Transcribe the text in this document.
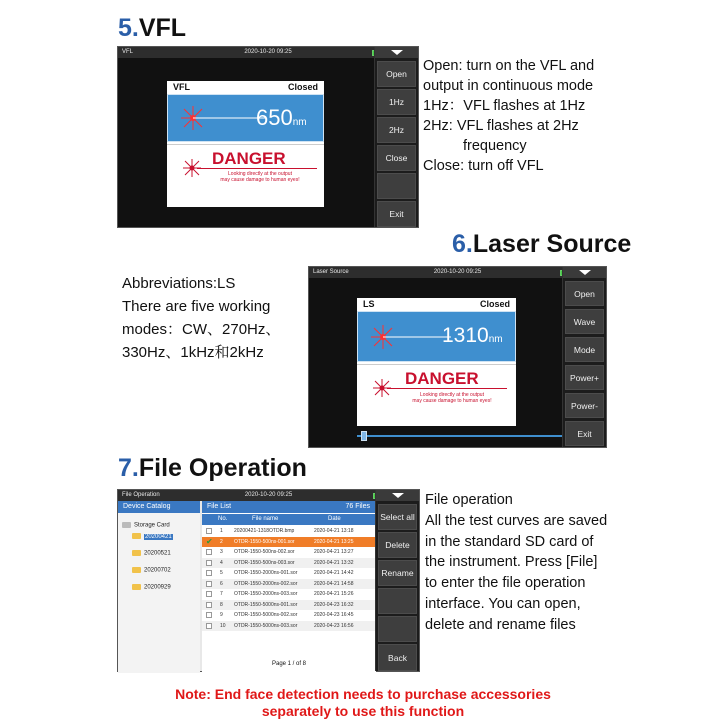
5.VFL
VFL	2020-10-20 09:25
VFL	Closed
650nm
DANGER
Looking directly at the output
may cause damage to human eyes!
Open
1Hz
2Hz
Close
Exit
Open: turn on the VFL and
output in continuous mode
1Hz：VFL flashes at 1Hz
2Hz: VFL flashes at 2Hz
frequency
Close: turn off VFL
6.Laser Source
Abbreviations:LS
There are five working
modes：CW、270Hz、
330Hz、1kHz和2kHz
Laser Source	2020-10-20 09:25
LS	Closed
1310nm
DANGER
Looking directly at the output
may cause damage to human eyes!
Open
Wave
Mode
Power+
Power-
Exit
7.File Operation
File Operation	2020-10-20 09:25
Device Catalog
Storage Card
20200421
20200521
20200702
20200929
File List	76 Files
No.	File name	Date
1 20200421-1318OTDR.bmp	2020-04-21 13:18
✔ 2 OTDR-1550-500ns-001.sor	2020-04-21 13:25
3 OTDR-1550-500ns-002.sor	2020-04-21 13:27
4 OTDR-1550-500ns-003.sor	2020-04-21 13:32
5 OTDR-1550-2000ns-001.sor	2020-04-21 14:42
6 OTDR-1550-2000ns-002.sor	2020-04-21 14:58
7 OTDR-1550-2000ns-003.sor	2020-04-21 15:26
8 OTDR-1550-5000ns-001.sor	2020-04-23 16:32
9 OTDR-1550-5000ns-002.sor	2020-04-23 16:45
10 OTDR-1550-5000ns-003.sor	2020-04-23 16:56
Page 1 / of 8
Select all
Delete
Rename
Back
File operation
All the test curves are saved
in the standard SD card of
the instrument. Press [File]
to enter the file operation
interface. You can open,
delete and rename files
Note: End face detection needs to purchase accessories
separately to use this function
